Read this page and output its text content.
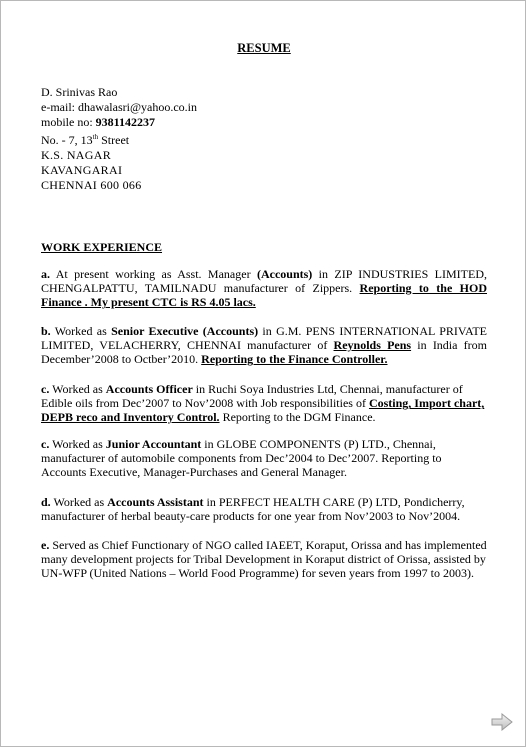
RESUME
D. Srinivas Rao
e-mail: dhawalasri@yahoo.co.in
mobile no: 9381142237
No. - 7, 13th Street
K.S. NAGAR
KAVANGARAI
CHENNAI 600 066
WORK EXPERIENCE
a. At present working as Asst. Manager (Accounts) in ZIP INDUSTRIES LIMITED, CHENGALPATTU, TAMILNADU manufacturer of Zippers. Reporting to the HOD Finance . My present CTC is RS 4.05 lacs.
b. Worked as Senior Executive (Accounts) in G.M. PENS INTERNATIONAL PRIVATE LIMITED, VELACHERRY, CHENNAI manufacturer of Reynolds Pens in India from December’2008 to Octber’2010. Reporting to the Finance Controller.
c. Worked as Accounts Officer in Ruchi Soya Industries Ltd, Chennai, manufacturer of Edible oils from Dec’2007 to Nov’2008 with Job responsibilities of Costing, Import chart, DEPB reco and Inventory Control. Reporting to the DGM Finance.
c. Worked as Junior Accountant in GLOBE COMPONENTS (P) LTD., Chennai, manufacturer of automobile components from Dec’2004 to Dec’2007. Reporting to Accounts Executive, Manager-Purchases and General Manager.
d. Worked as Accounts Assistant in PERFECT HEALTH CARE (P) LTD, Pondicherry, manufacturer of herbal beauty-care products for one year from Nov’2003 to Nov’2004.
e. Served as Chief Functionary of NGO called IAEET, Koraput, Orissa and has implemented many development projects for Tribal Development in Koraput district of Orissa, assisted by UN-WFP (United Nations – World Food Programme) for seven years from 1997 to 2003).
